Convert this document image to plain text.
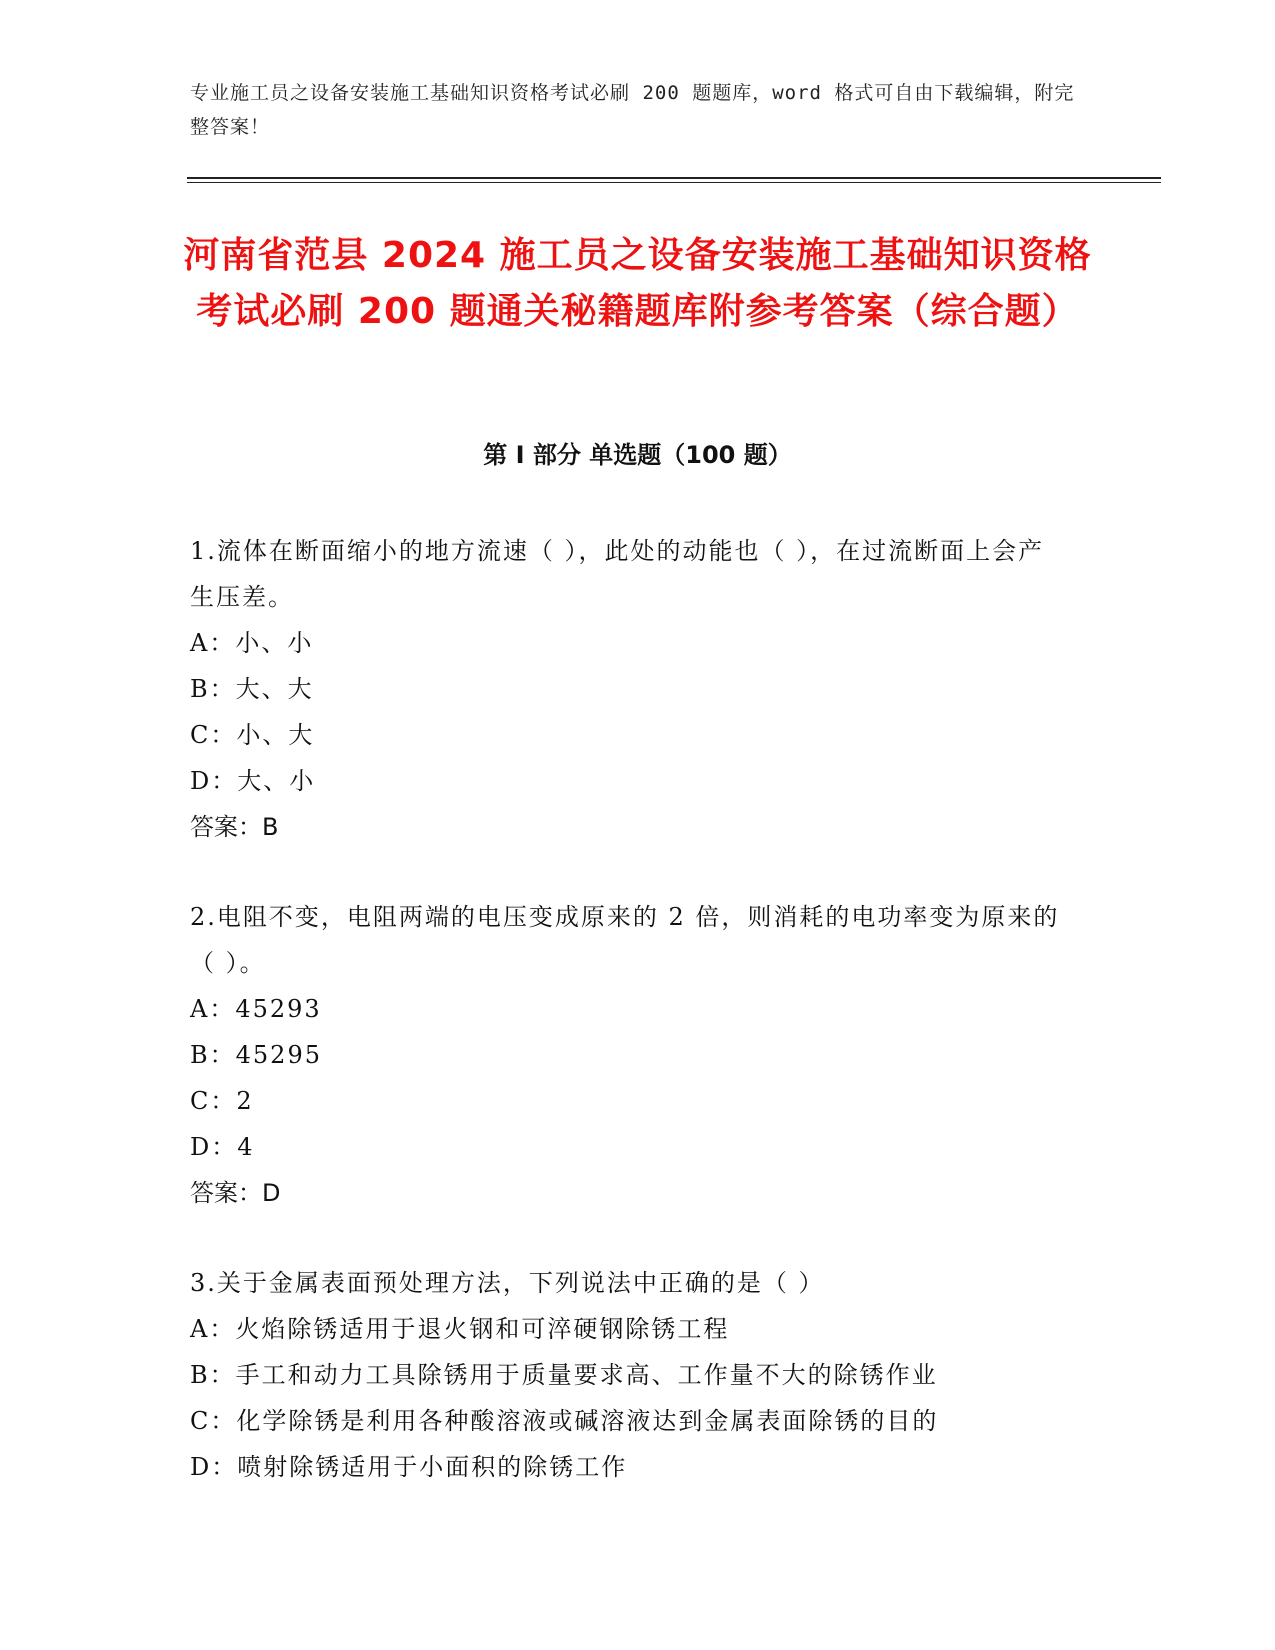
专业施工员之设备安装施工基础知识资格考试必刷 200 题题库，word 格式可自由下载编辑，附完整答案！
河南省范县 2024 施工员之设备安装施工基础知识资格考试必刷 200 题通关秘籍题库附参考答案（综合题）
第 I 部分 单选题（100 题）
1.流体在断面缩小的地方流速（ ），此处的动能也（ ），在过流断面上会产生压差。
A：小、小
B：大、大
C：小、大
D：大、小
答案：B
2.电阻不变，电阻两端的电压变成原来的 2 倍，则消耗的电功率变为原来的（ ）。
A：45293
B：45295
C：2
D：4
答案：D
3.关于金属表面预处理方法，下列说法中正确的是（ ）
A：火焰除锈适用于退火钢和可淬硬钢除锈工程
B：手工和动力工具除锈用于质量要求高、工作量不大的除锈作业
C：化学除锈是利用各种酸溶液或碱溶液达到金属表面除锈的目的
D：喷射除锈适用于小面积的除锈工作
